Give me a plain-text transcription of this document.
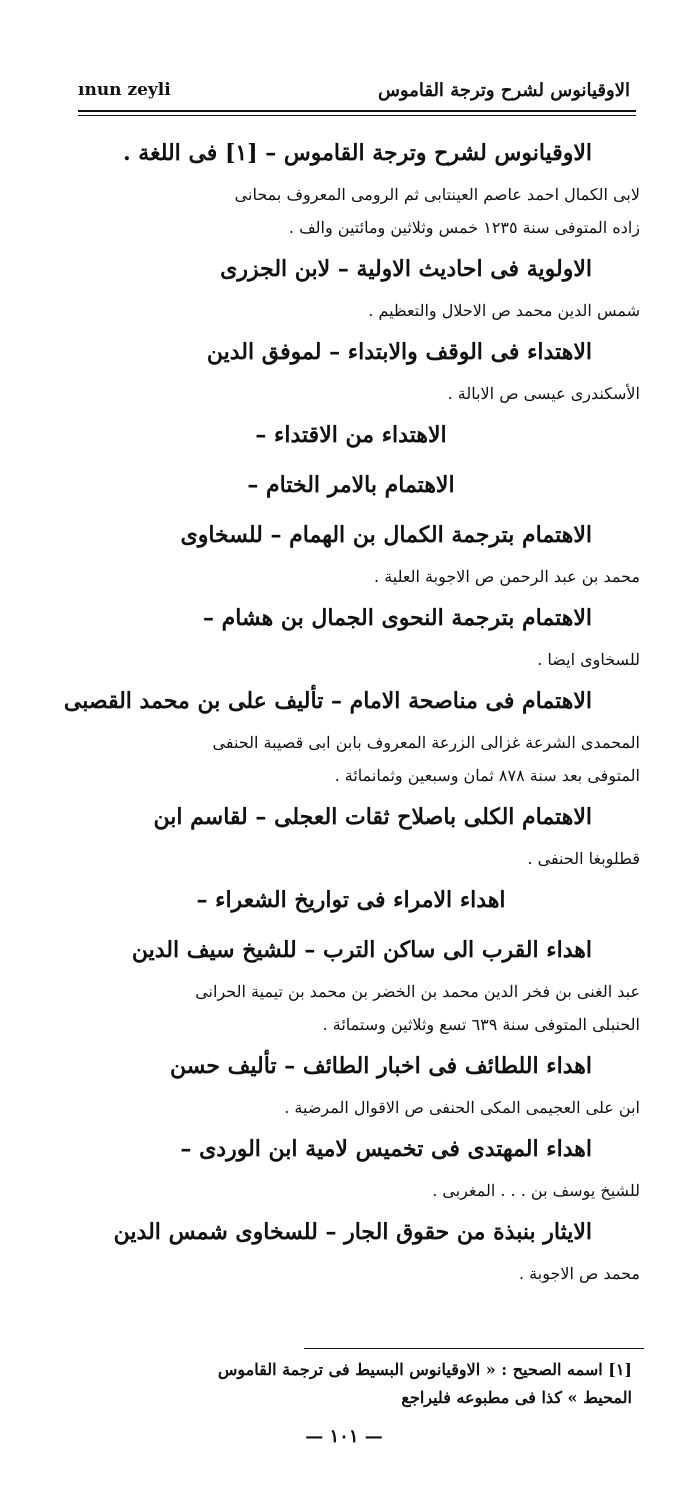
الاوقيانوس لشرح وترجة القاموس
ınun zeyli
الاوقيانوس لشرح وترجة القاموس – [١] فى اللغة .
لابى الكمال احمد عاصم العينتابى ثم الرومى المعروف بمحانى
زاده المتوفى سنة ١٢٣٥ خمس وثلاثين ومائتين والف .
الاولوية فى احاديث الاولية – لابن الجزرى
شمس الدين محمد ص الاحلال والتعظيم .
الاهتداء فى الوقف والابتداء – لموفق الدين
الأسكندرى عيسى ص الابالة .
الاهتداء من الاقتداء –
الاهتمام بالامر الختام –
الاهتمام بترجمة الكمال بن الهمام – للسخاوى
محمد بن عبد الرحمن ص الاجوبة العلية .
الاهتمام بترجمة النحوى الجمال بن هشام –
للسخاوى ايضا .
الاهتمام فى مناصحة الامام – تأليف على بن محمد القصبى
المحمدى الشرعة غزالى الزرعة المعروف بابن ابى قصيبة الحنفى
المتوفى بعد سنة ٨٧٨ ثمان وسبعين وثمانمائة .
الاهتمام الكلى باصلاح ثقات العجلى – لقاسم ابن
قطلوبغا الحنفى .
اهداء الامراء فى تواريخ الشعراء –
اهداء القرب الى ساكن الترب – للشيخ سيف الدين
عبد الغنى بن فخر الدين محمد بن الخضر بن محمد بن تيمية الحرانى
الحنبلى المتوفى سنة ٦٣٩ تسع وثلاثين وستمائة .
اهداء اللطائف فى اخبار الطائف – تأليف حسن
ابن على العجيمى المكى الحنفى ص الاقوال المرضية .
اهداء المهتدى فى تخميس لامية ابن الوردى –
للشيخ يوسف بن . . . المغربى .
الايثار بنبذة من حقوق الجار – للسخاوى شمس الدين
محمد ص الاجوبة .
[١] اسمه الصحيح : « الاوقيانوس البسيط فى ترجمة القاموس
المحيط » كذا فى مطبوعه فليراجع
— ١٠١ —
